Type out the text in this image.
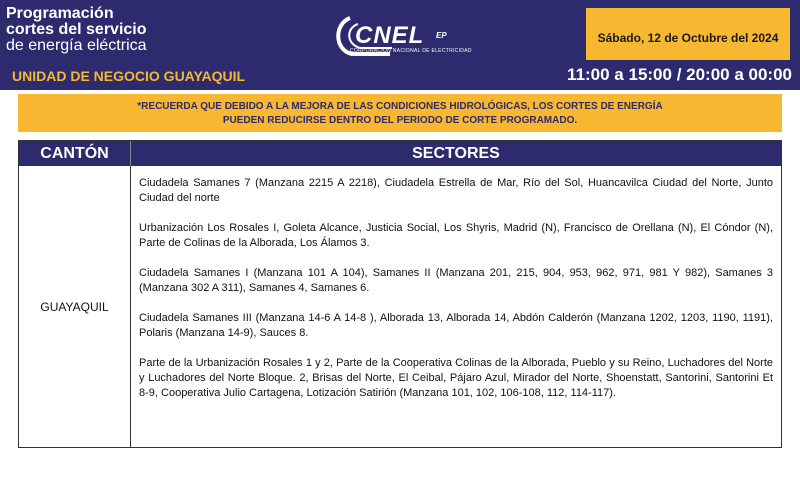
Programación
cortes del servicio
de energía eléctrica
UNIDAD DE NEGOCIO GUAYAQUIL
CNEL EP
CORPORACIÓN NACIONAL DE ELECTRICIDAD
Sábado, 12 de Octubre del 2024
11:00 a 15:00 / 20:00 a 00:00
*RECUERDA QUE DEBIDO A LA MEJORA DE LAS CONDICIONES HIDROLÓGICAS, LOS CORTES DE ENERGÍA
PUEDEN REDUCIRSE DENTRO DEL PERIODO DE CORTE PROGRAMADO.
CANTÓN	SECTORES
GUAYAQUIL

Ciudadela Samanes 7 (Manzana 2215 A 2218), Ciudadela Estrella de Mar, Río del Sol, Huancavilca Ciudad del Norte, Junto Ciudad del norte

Urbanización Los Rosales I, Goleta Alcance, Justicia Social, Los Shyris, Madrid (N), Francisco de Orellana (N), El Cóndor (N), Parte de Colinas de la Alborada, Los Álamos 3.

Ciudadela Samanes I (Manzana 101 A 104), Samanes II (Manzana 201, 215, 904, 953, 962, 971, 981 Y 982), Samanes 3 (Manzana 302 A 311), Samanes 4, Samanes 6.

Ciudadela Samanes III (Manzana 14-6 A 14-8 ), Alborada 13, Alborada 14, Abdón Calderón (Manzana 1202, 1203, 1190, 1191), Polaris (Manzana 14-9), Sauces 8.

Parte de la Urbanización Rosales 1 y 2, Parte de la Cooperativa Colinas de la Alborada, Pueblo y su Reino, Luchadores del Norte y Luchadores del Norte Bloque. 2, Brisas del Norte, El Ceibal, Pájaro Azul, Mirador del Norte, Shoenstatt, Santorini, Santorini Et 8-9, Cooperativa Julio Cartagena, Lotización Satirión (Manzana 101, 102, 106-108, 112, 114-117).
